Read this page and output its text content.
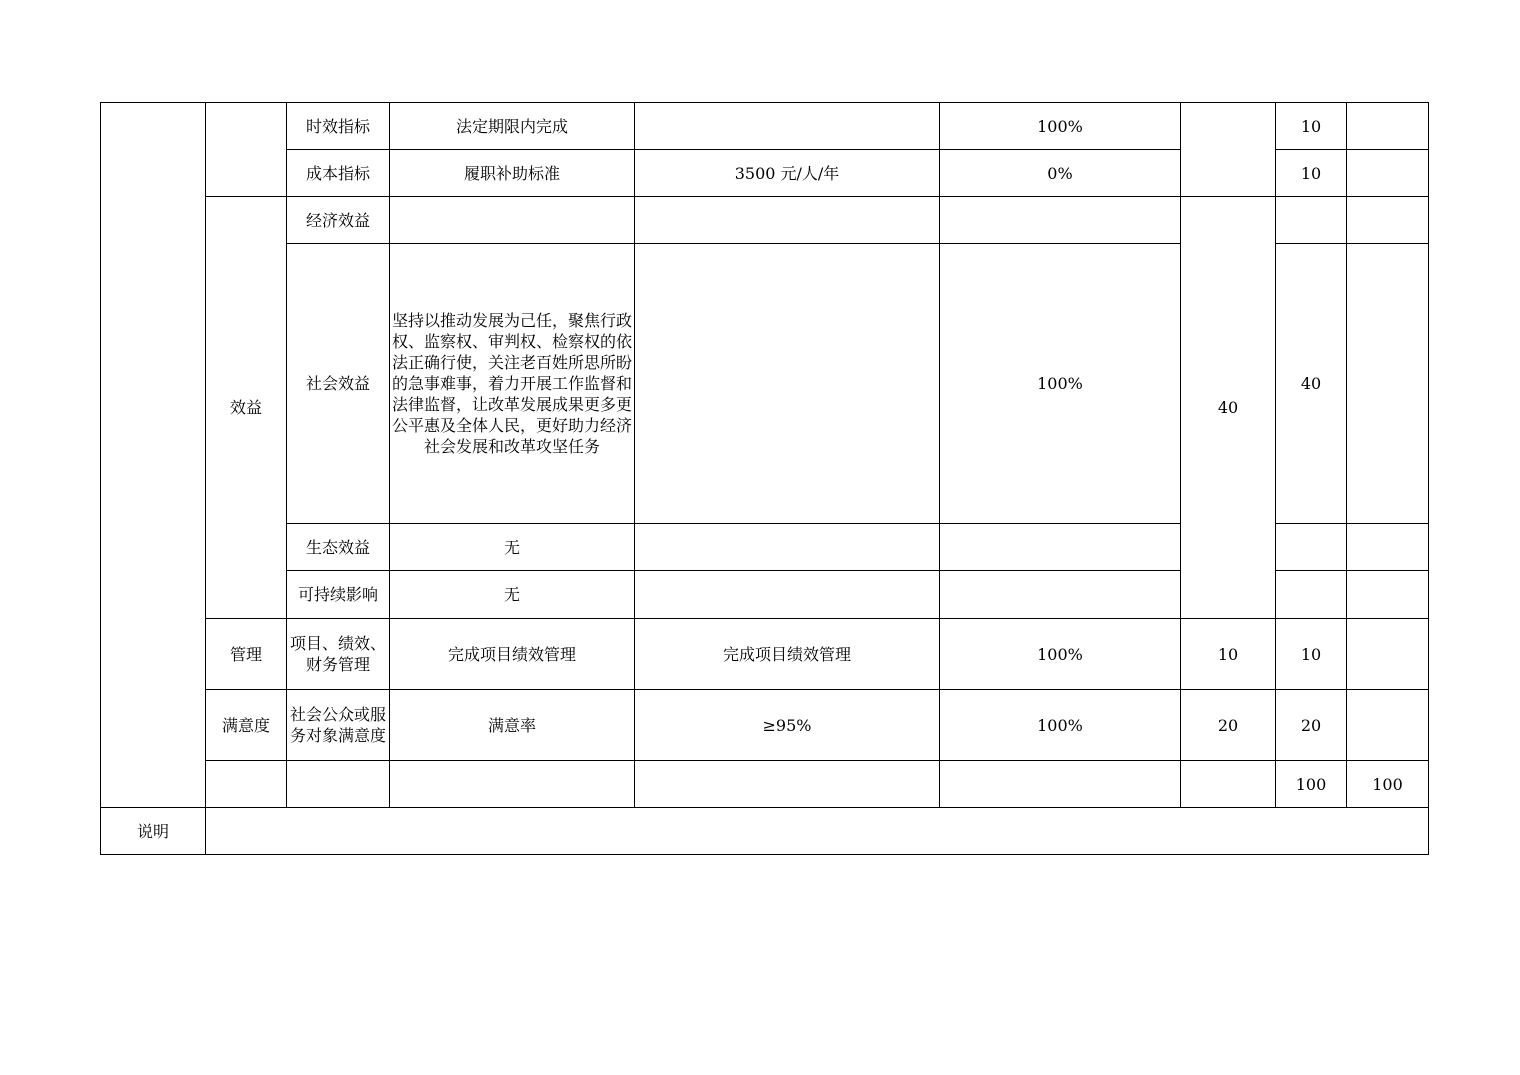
		时效指标	法定期限内完成		100%		10		
		成本指标	履职补助标准	3500 元/人/年	0%		10		
	效益	经济效益				40			
		社会效益	坚持以推动发展为己任，聚焦行政权、监察权、审判权、检察权的依法正确行使，关注老百姓所思所盼的急事难事，着力开展工作监督和法律监督，让改革发展成果更多更公平惠及全体人民，更好助力经济社会发展和改革攻坚任务		100%		40		
		生态效益	无						
		可持续影响	无						
	管理	项目、绩效、财务管理	完成项目绩效管理	完成项目绩效管理	100%	10	10		
	满意度	社会公众或服务对象满意度	满意率	≥95%	100%	20	20		
							100	100	
说明									
